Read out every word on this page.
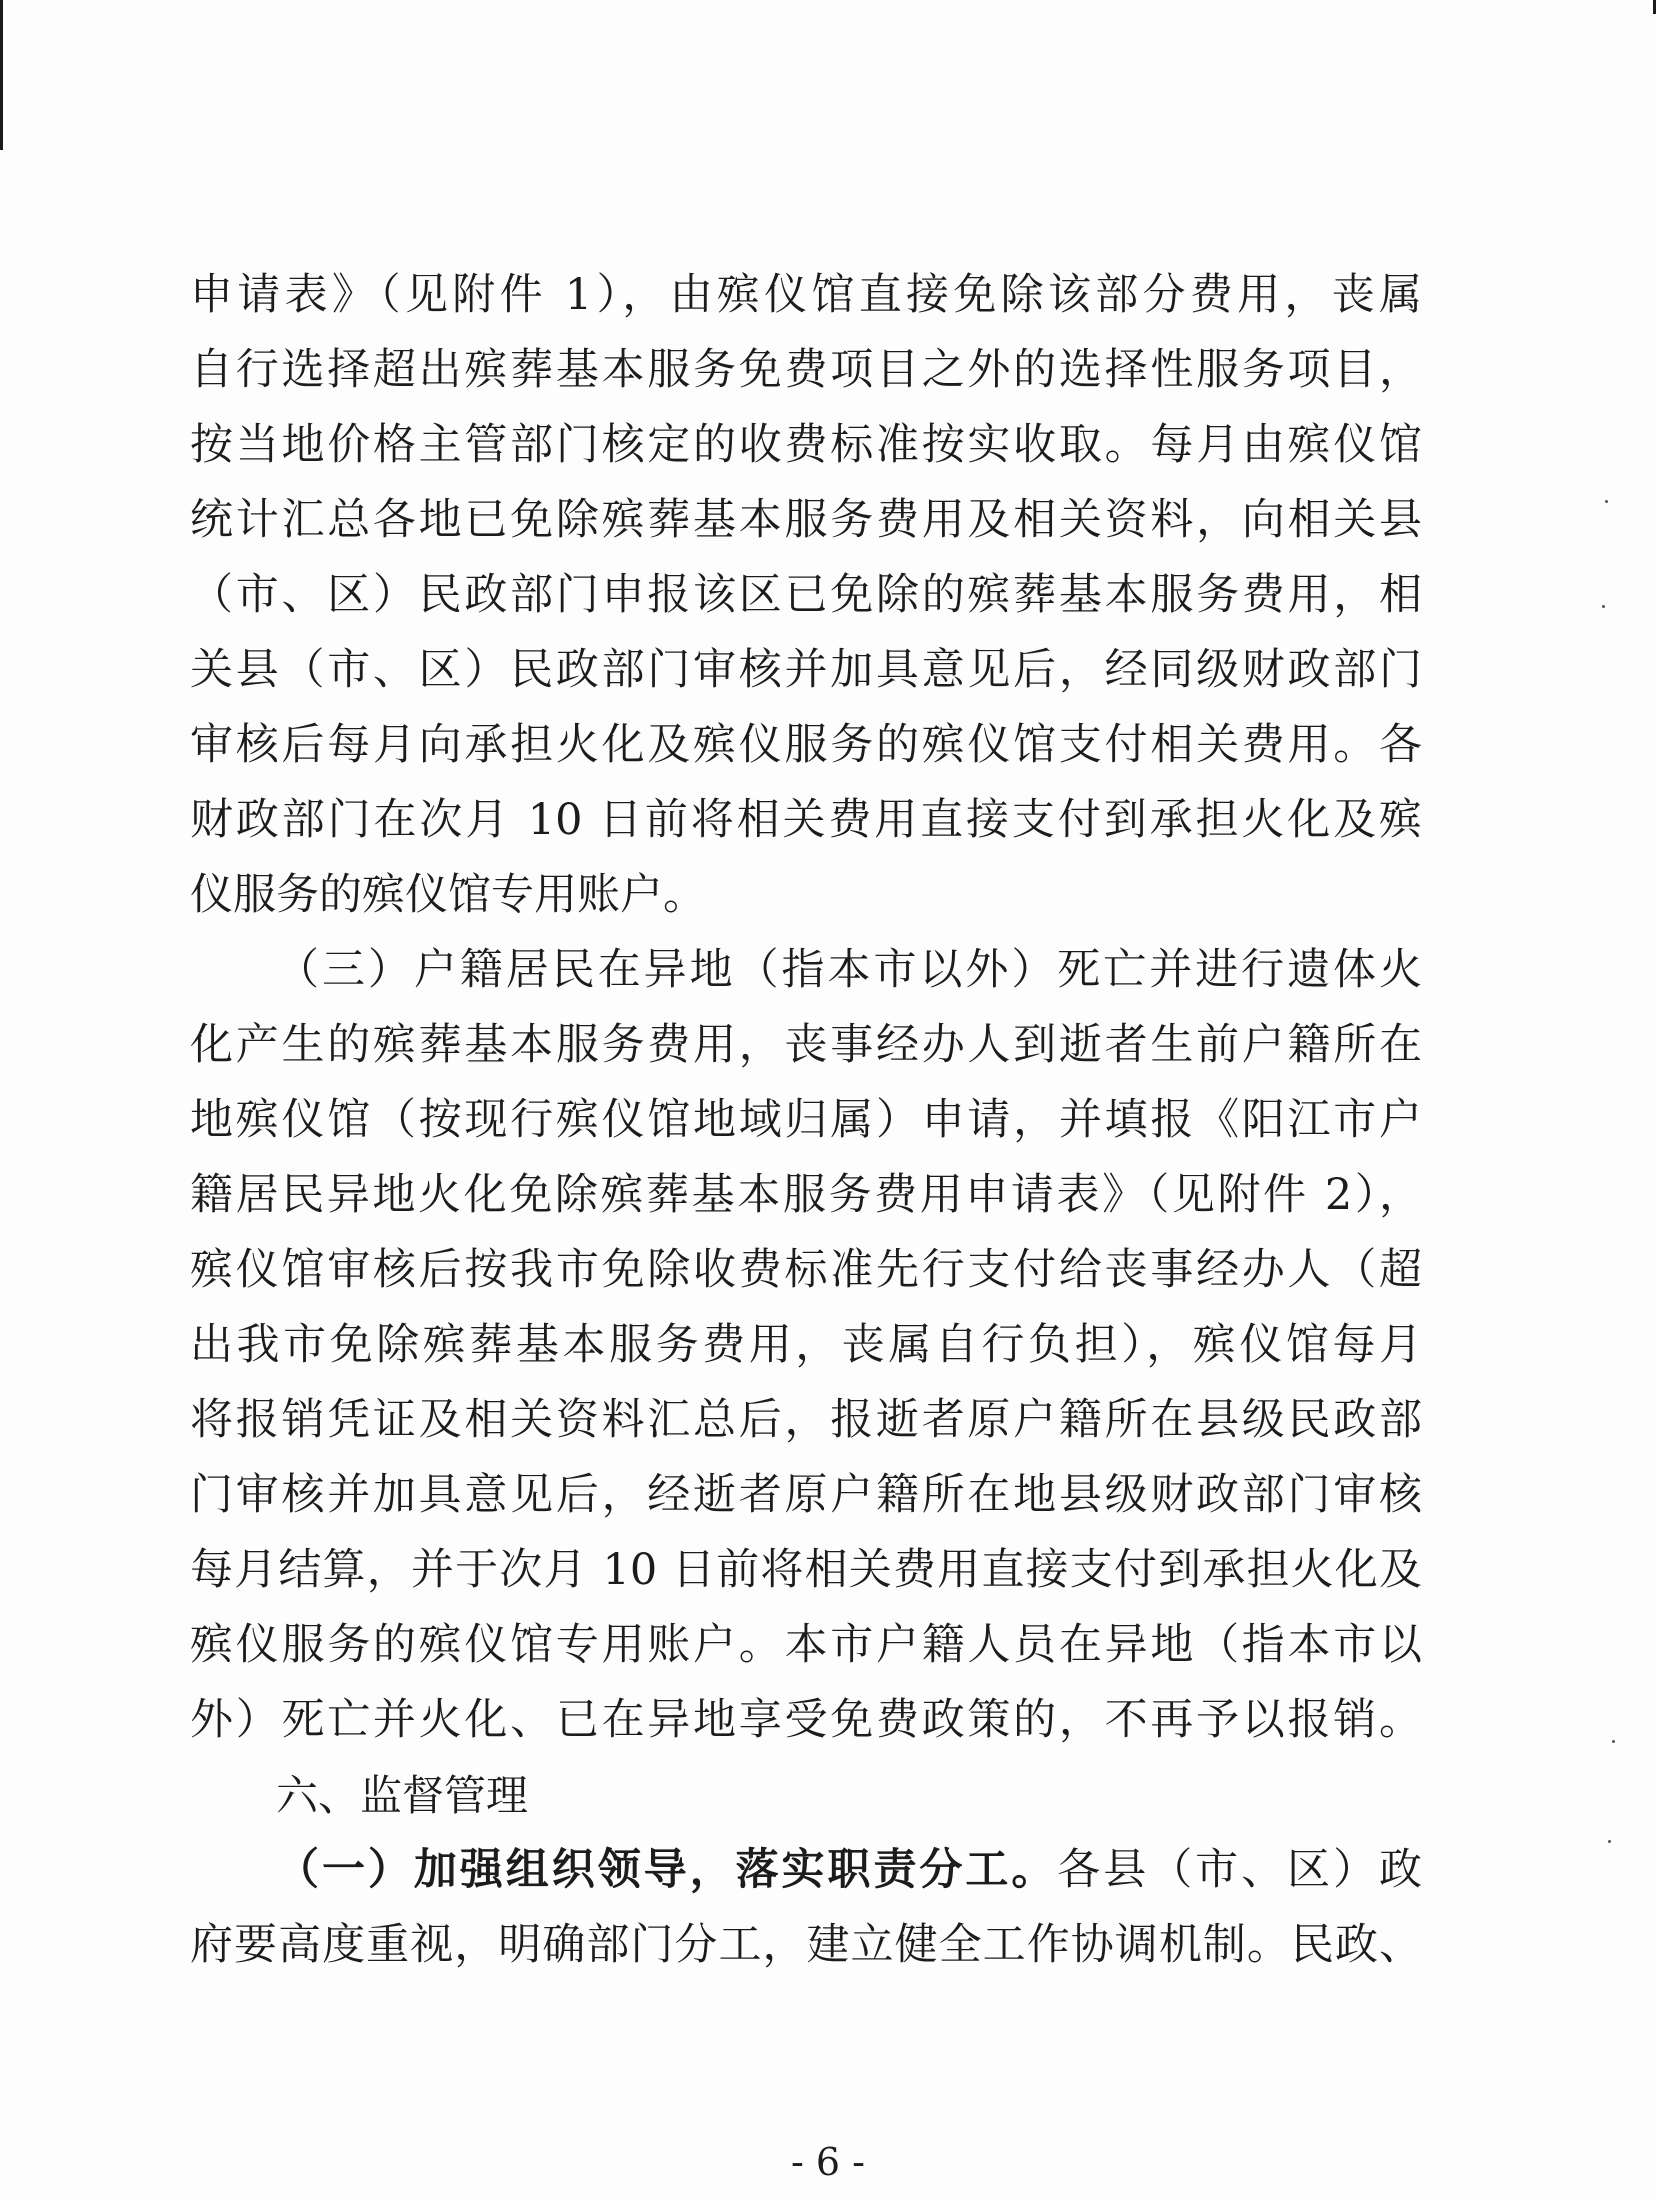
申请表》（见附件 1），由殡仪馆直接免除该部分费用，丧属
自行选择超出殡葬基本服务免费项目之外的选择性服务项目，
按当地价格主管部门核定的收费标准按实收取。每月由殡仪馆
统计汇总各地已免除殡葬基本服务费用及相关资料，向相关县
（市、区）民政部门申报该区已免除的殡葬基本服务费用，相
关县（市、区）民政部门审核并加具意见后，经同级财政部门
审核后每月向承担火化及殡仪服务的殡仪馆支付相关费用。各
财政部门在次月 10 日前将相关费用直接支付到承担火化及殡
仪服务的殡仪馆专用账户。
（三）户籍居民在异地（指本市以外）死亡并进行遗体火
化产生的殡葬基本服务费用，丧事经办人到逝者生前户籍所在
地殡仪馆（按现行殡仪馆地域归属）申请，并填报《阳江市户
籍居民异地火化免除殡葬基本服务费用申请表》（见附件 2），
殡仪馆审核后按我市免除收费标准先行支付给丧事经办人（超
出我市免除殡葬基本服务费用，丧属自行负担），殡仪馆每月
将报销凭证及相关资料汇总后，报逝者原户籍所在县级民政部
门审核并加具意见后，经逝者原户籍所在地县级财政部门审核
每月结算，并于次月 10 日前将相关费用直接支付到承担火化及
殡仪服务的殡仪馆专用账户。本市户籍人员在异地（指本市以
外）死亡并火化、已在异地享受免费政策的，不再予以报销。
六、监督管理
（一）加强组织领导，落实职责分工。各县（市、区）政
府要高度重视，明确部门分工，建立健全工作协调机制。民政、
- 6 -
